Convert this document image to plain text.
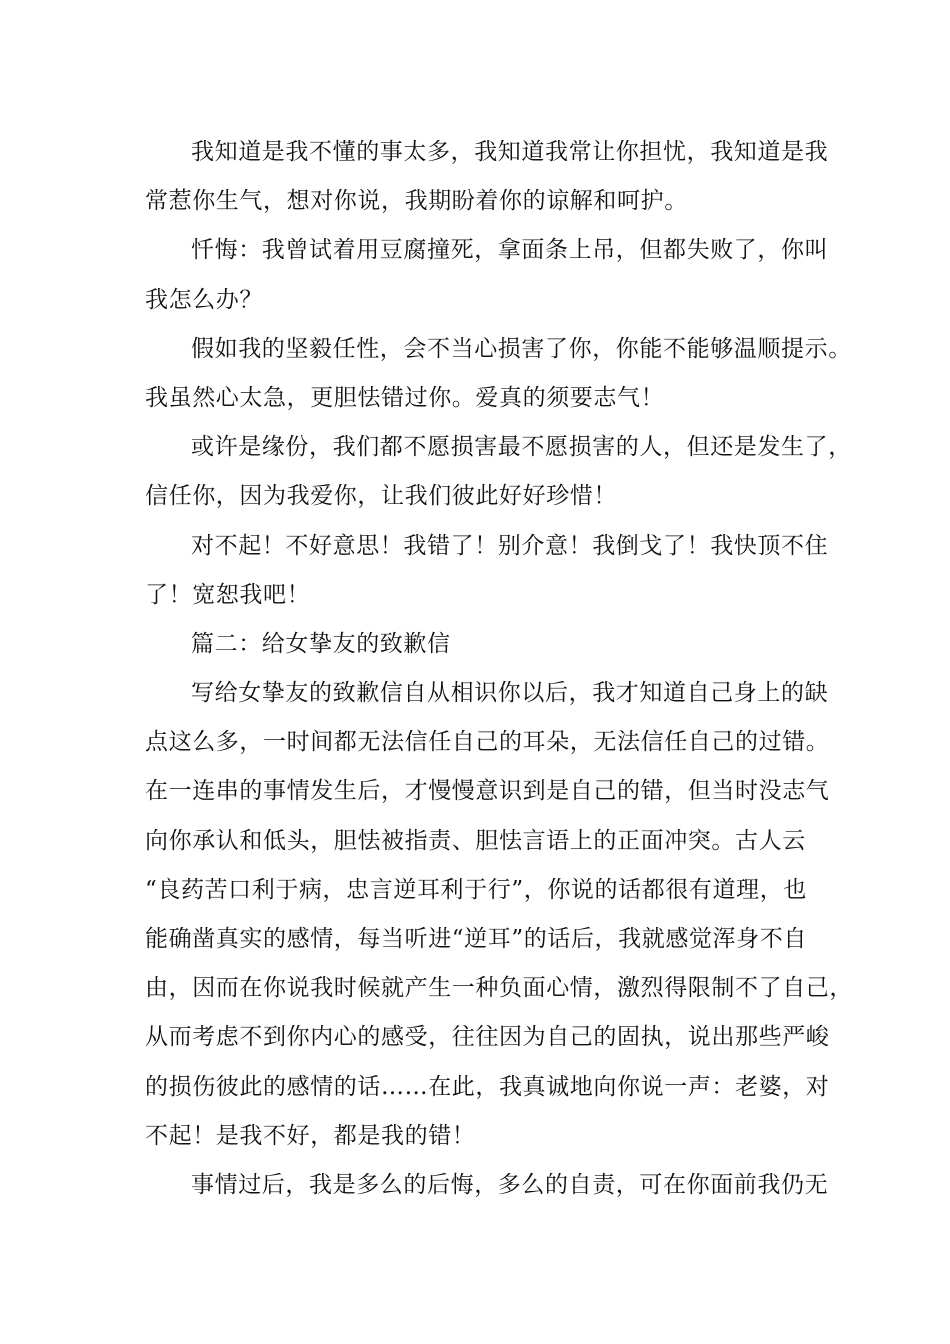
我知道是我不懂的事太多，我知道我常让你担忧，我知道是我
常惹你生气，想对你说，我期盼着你的谅解和呵护。
忏悔：我曾试着用豆腐撞死，拿面条上吊，但都失败了，你叫
我怎么办？
假如我的坚毅任性，会不当心损害了你，你能不能够温顺提示。
我虽然心太急，更胆怯错过你。爱真的须要志气！
或许是缘份，我们都不愿损害最不愿损害的人，但还是发生了，
信任你，因为我爱你，让我们彼此好好珍惜！
对不起！不好意思！我错了！别介意！我倒戈了！我快顶不住
了！宽恕我吧！
篇二：给女挚友的致歉信
写给女挚友的致歉信自从相识你以后，我才知道自己身上的缺
点这么多，一时间都无法信任自己的耳朵，无法信任自己的过错。
在一连串的事情发生后，才慢慢意识到是自己的错，但当时没志气
向你承认和低头，胆怯被指责、胆怯言语上的正面冲突。古人云
“良药苦口利于病，忠言逆耳利于行”，你说的话都很有道理，也
能确凿真实的感情，每当听进“逆耳”的话后，我就感觉浑身不自
由，因而在你说我时候就产生一种负面心情，激烈得限制不了自己，
从而考虑不到你内心的感受，往往因为自己的固执，说出那些严峻
的损伤彼此的感情的话……在此，我真诚地向你说一声：老婆，对
不起！是我不好，都是我的错！
事情过后，我是多么的后悔，多么的自责，可在你面前我仍无
